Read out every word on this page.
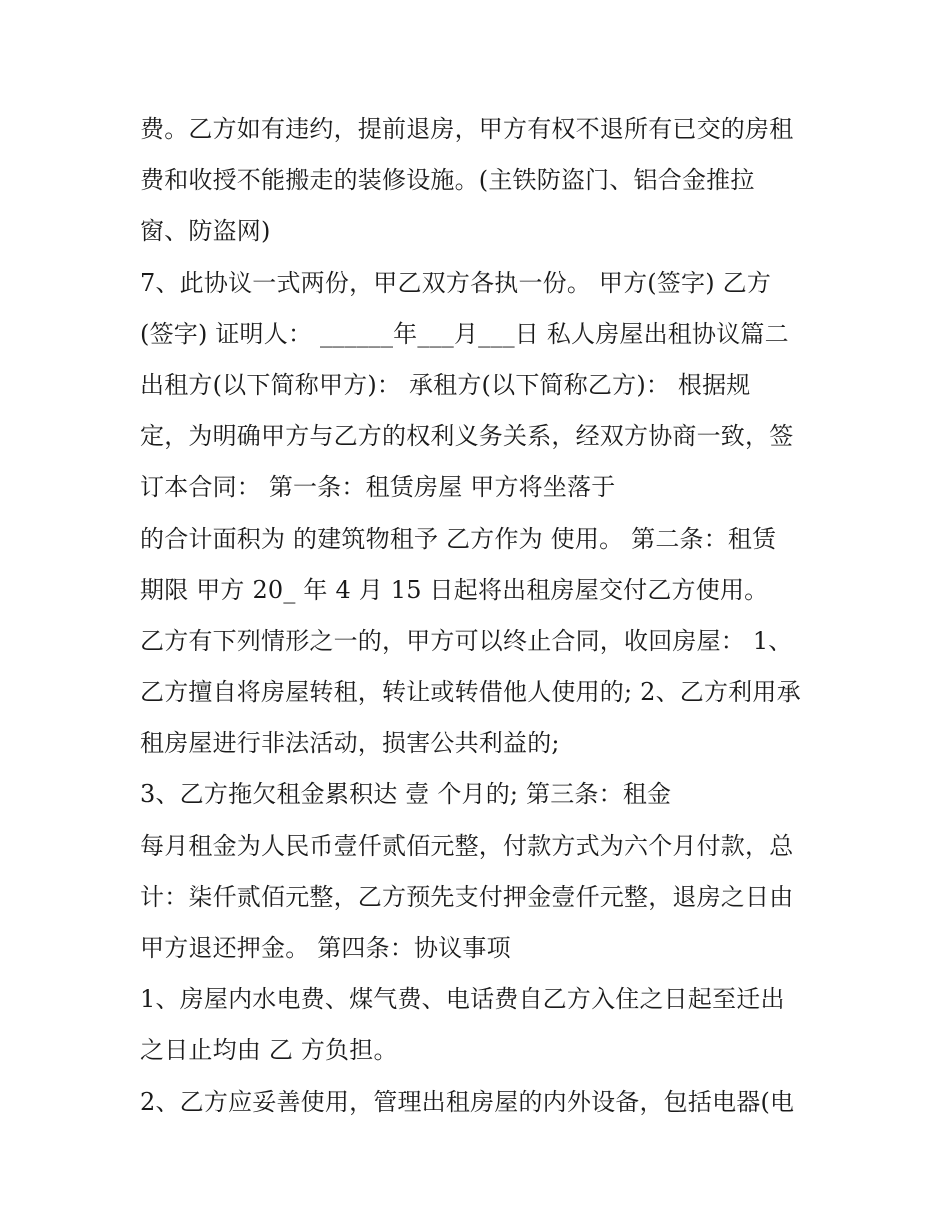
费。乙方如有违约，提前退房，甲方有权不退所有已交的房租
费和收授不能搬走的装修设施。(主铁防盗门、铝合金推拉
窗、防盗网)
7、此协议一式两份，甲乙双方各执一份。 甲方(签字) 乙方
(签字) 证明人： ______年___月___日 私人房屋出租协议篇二
出租方(以下简称甲方)： 承租方(以下简称乙方)： 根据规
定，为明确甲方与乙方的权利义务关系，经双方协商一致，签
订本合同： 第一条：租赁房屋 甲方将坐落于
的合计面积为 的建筑物租予 乙方作为 使用。 第二条：租赁
期限 甲方 20_ 年 4 月 15 日起将出租房屋交付乙方使用。
乙方有下列情形之一的，甲方可以终止合同，收回房屋： 1、
乙方擅自将房屋转租，转让或转借他人使用的; 2、乙方利用承
租房屋进行非法活动，损害公共利益的;
3、乙方拖欠租金累积达 壹 个月的; 第三条：租金
每月租金为人民币壹仟贰佰元整，付款方式为六个月付款，总
计：柒仟贰佰元整，乙方预先支付押金壹仟元整，退房之日由
甲方退还押金。 第四条：协议事项
1、房屋内水电费、煤气费、电话费自乙方入住之日起至迁出
之日止均由 乙 方负担。
2、乙方应妥善使用，管理出租房屋的内外设备，包括电器(电
